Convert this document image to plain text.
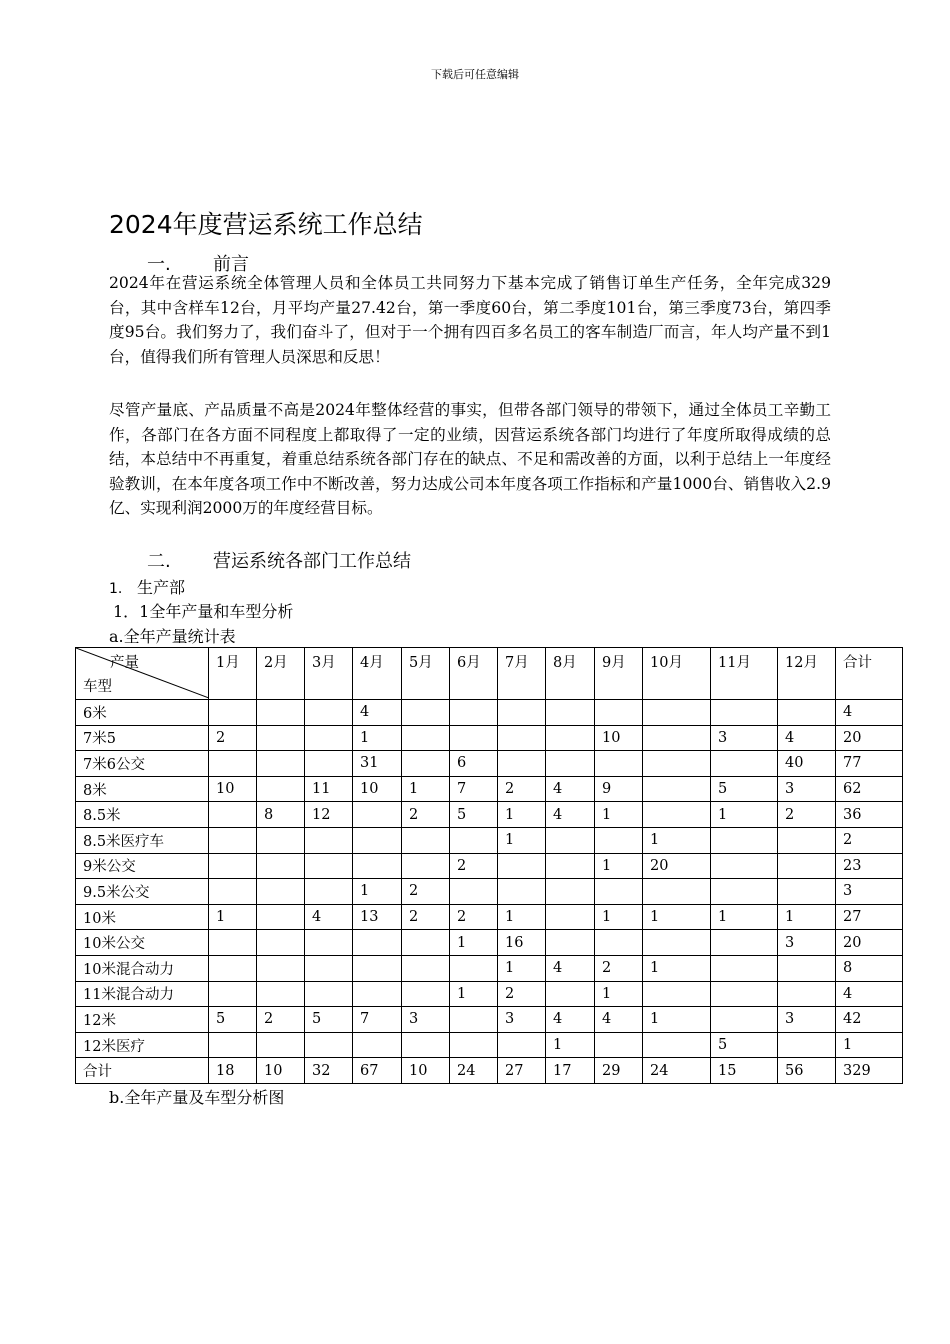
下载后可任意编辑
2024年度营运系统工作总结
一. 前言
2024年在营运系统全体管理人员和全体员工共同努力下基本完成了销售订单生产任务，全年完成329台，其中含样车12台，月平均产量27.42台，第一季度60台，第二季度101台，第三季度73台，第四季度95台。我们努力了，我们奋斗了，但对于一个拥有四百多名员工的客车制造厂而言，年人均产量不到1台，值得我们所有管理人员深思和反思！
尽管产量底、产品质量不高是2024年整体经营的事实，但带各部门领导的带领下，通过全体员工辛勤工作，各部门在各方面不同程度上都取得了一定的业绩，因营运系统各部门均进行了年度所取得成绩的总结，本总结中不再重复，着重总结系统各部门存在的缺点、不足和需改善的方面，以利于总结上一年度经验教训，在本年度各项工作中不断改善，努力达成公司本年度各项工作指标和产量1000台、销售收入2.9亿、实现利润2000万的年度经营目标。
二. 营运系统各部门工作总结
1. 生产部
1．1全年产量和车型分析
a.全年产量统计表
产量
车型	1月	2月	3月	4月	5月	6月	7月	8月	9月	10月	11月	12月	合计
6米				4									4
7米5	2			1					10		3	4	20
7米6公交				31		6						40	77
8米	10		11	10	1	7	2	4	9		5	3	62
8.5米		8	12		2	5	1	4	1		1	2	36
8.5米医疗车							1			1			2
9米公交						2			1	20			23
9.5米公交				1	2								3
10米	1		4	13	2	2	1		1	1	1	1	27
10米公交						1	16					3	20
10米混合动力							1	4	2	1			8
11米混合动力						1	2		1				4
12米	5	2	5	7	3		3	4	4	1		3	42
12米医疗								1			5		1
合计	18	10	32	67	10	24	27	17	29	24	15	56	329
b.全年产量及车型分析图
